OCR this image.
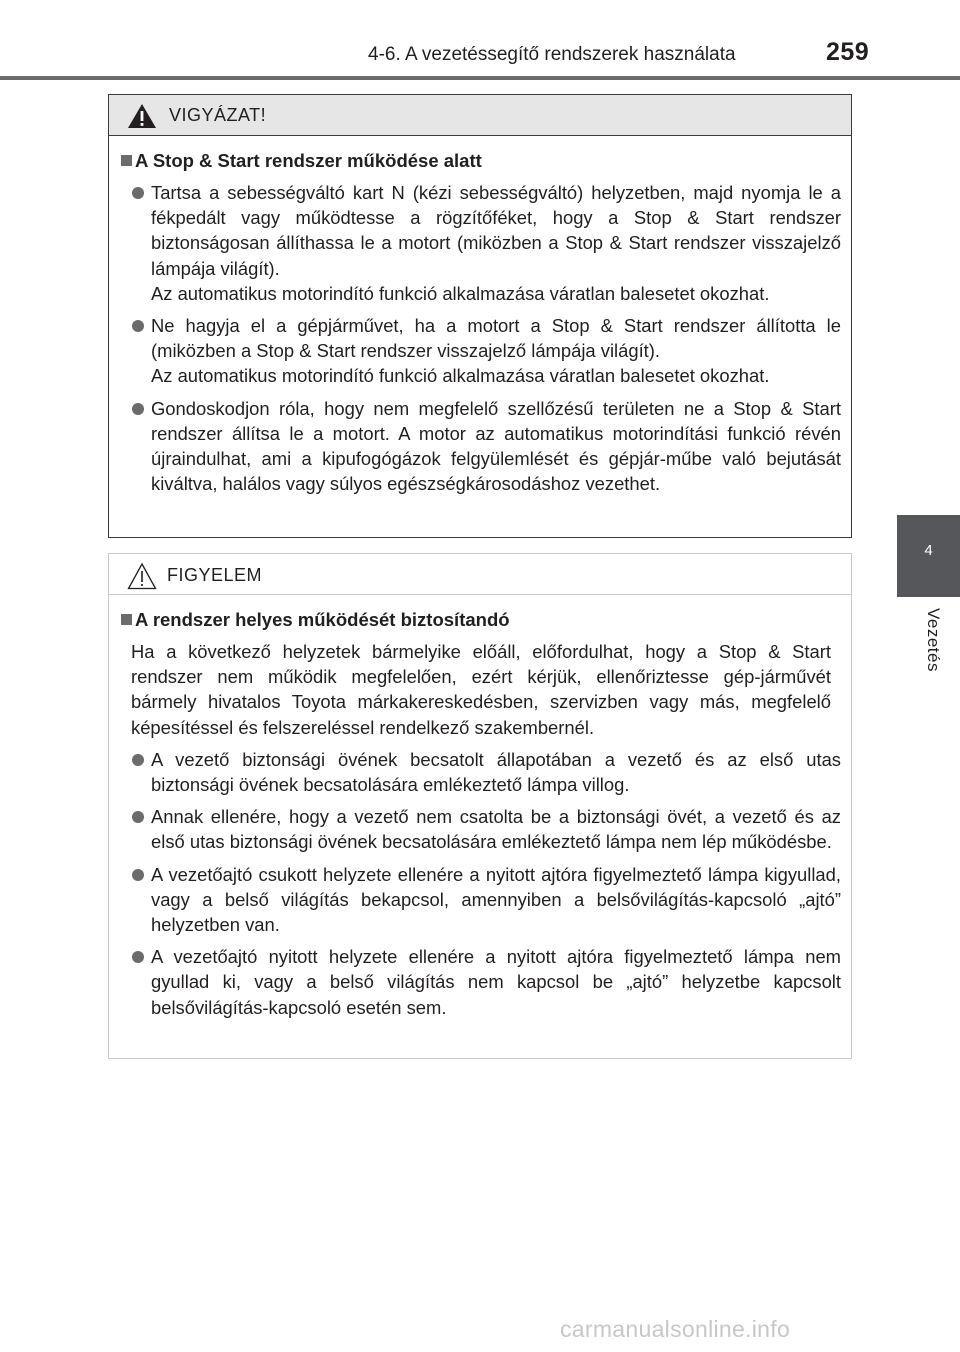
4-6. A vezetéssegítő rendszerek használata	259
4
Vezetés
VIGYÁZAT!
A Stop & Start rendszer működése alatt

Tartsa a sebességváltó kart N (kézi sebességváltó) helyzetben, majd nyomja le a fékpedált vagy működtesse a rögzítőféket, hogy a Stop & Start rendszer biztonságosan állíthassa le a motort (miközben a Stop & Start rendszer visszajelző lámpája világít).

Az automatikus motorindító funkció alkalmazása váratlan balesetet okozhat.

Ne hagyja el a gépjárművet, ha a motort a Stop & Start rendszer állította le (miközben a Stop & Start rendszer visszajelző lámpája világít).

Az automatikus motorindító funkció alkalmazása váratlan balesetet okozhat.

Gondoskodjon róla, hogy nem megfelelő szellőzésű területen ne a Stop & Start rendszer állítsa le a motort. A motor az automatikus motorindítási funkció révén újraindulhat, ami a kipufogógázok felgyülemlését és gépjár-műbe való bejutását kiváltva, halálos vagy súlyos egészségkárosodáshoz vezethet.

FIGYELEM
A rendszer helyes működését biztosítandó
Ha a következő helyzetek bármelyike előáll, előfordulhat, hogy a Stop & Start rendszer nem működik megfelelően, ezért kérjük, ellenőriztesse gép-járművét bármely hivatalos Toyota márkakereskedésben, szervizben vagy más, megfelelő képesítéssel és felszereléssel rendelkező szakembernél.

A vezető biztonsági övének becsatolt állapotában a vezető és az első utas biztonsági övének becsatolására emlékeztető lámpa villog.

Annak ellenére, hogy a vezető nem csatolta be a biztonsági övét, a vezető és az első utas biztonsági övének becsatolására emlékeztető lámpa nem lép működésbe.

A vezetőajtó csukott helyzete ellenére a nyitott ajtóra figyelmeztető lámpa kigyullad, vagy a belső világítás bekapcsol, amennyiben a belsővilágítás-kapcsoló „ajtó” helyzetben van.

A vezetőajtó nyitott helyzete ellenére a nyitott ajtóra figyelmeztető lámpa nem gyullad ki, vagy a belső világítás nem kapcsol be „ajtó” helyzetbe kapcsolt belsővilágítás-kapcsoló esetén sem.

carmanualsonline.info
